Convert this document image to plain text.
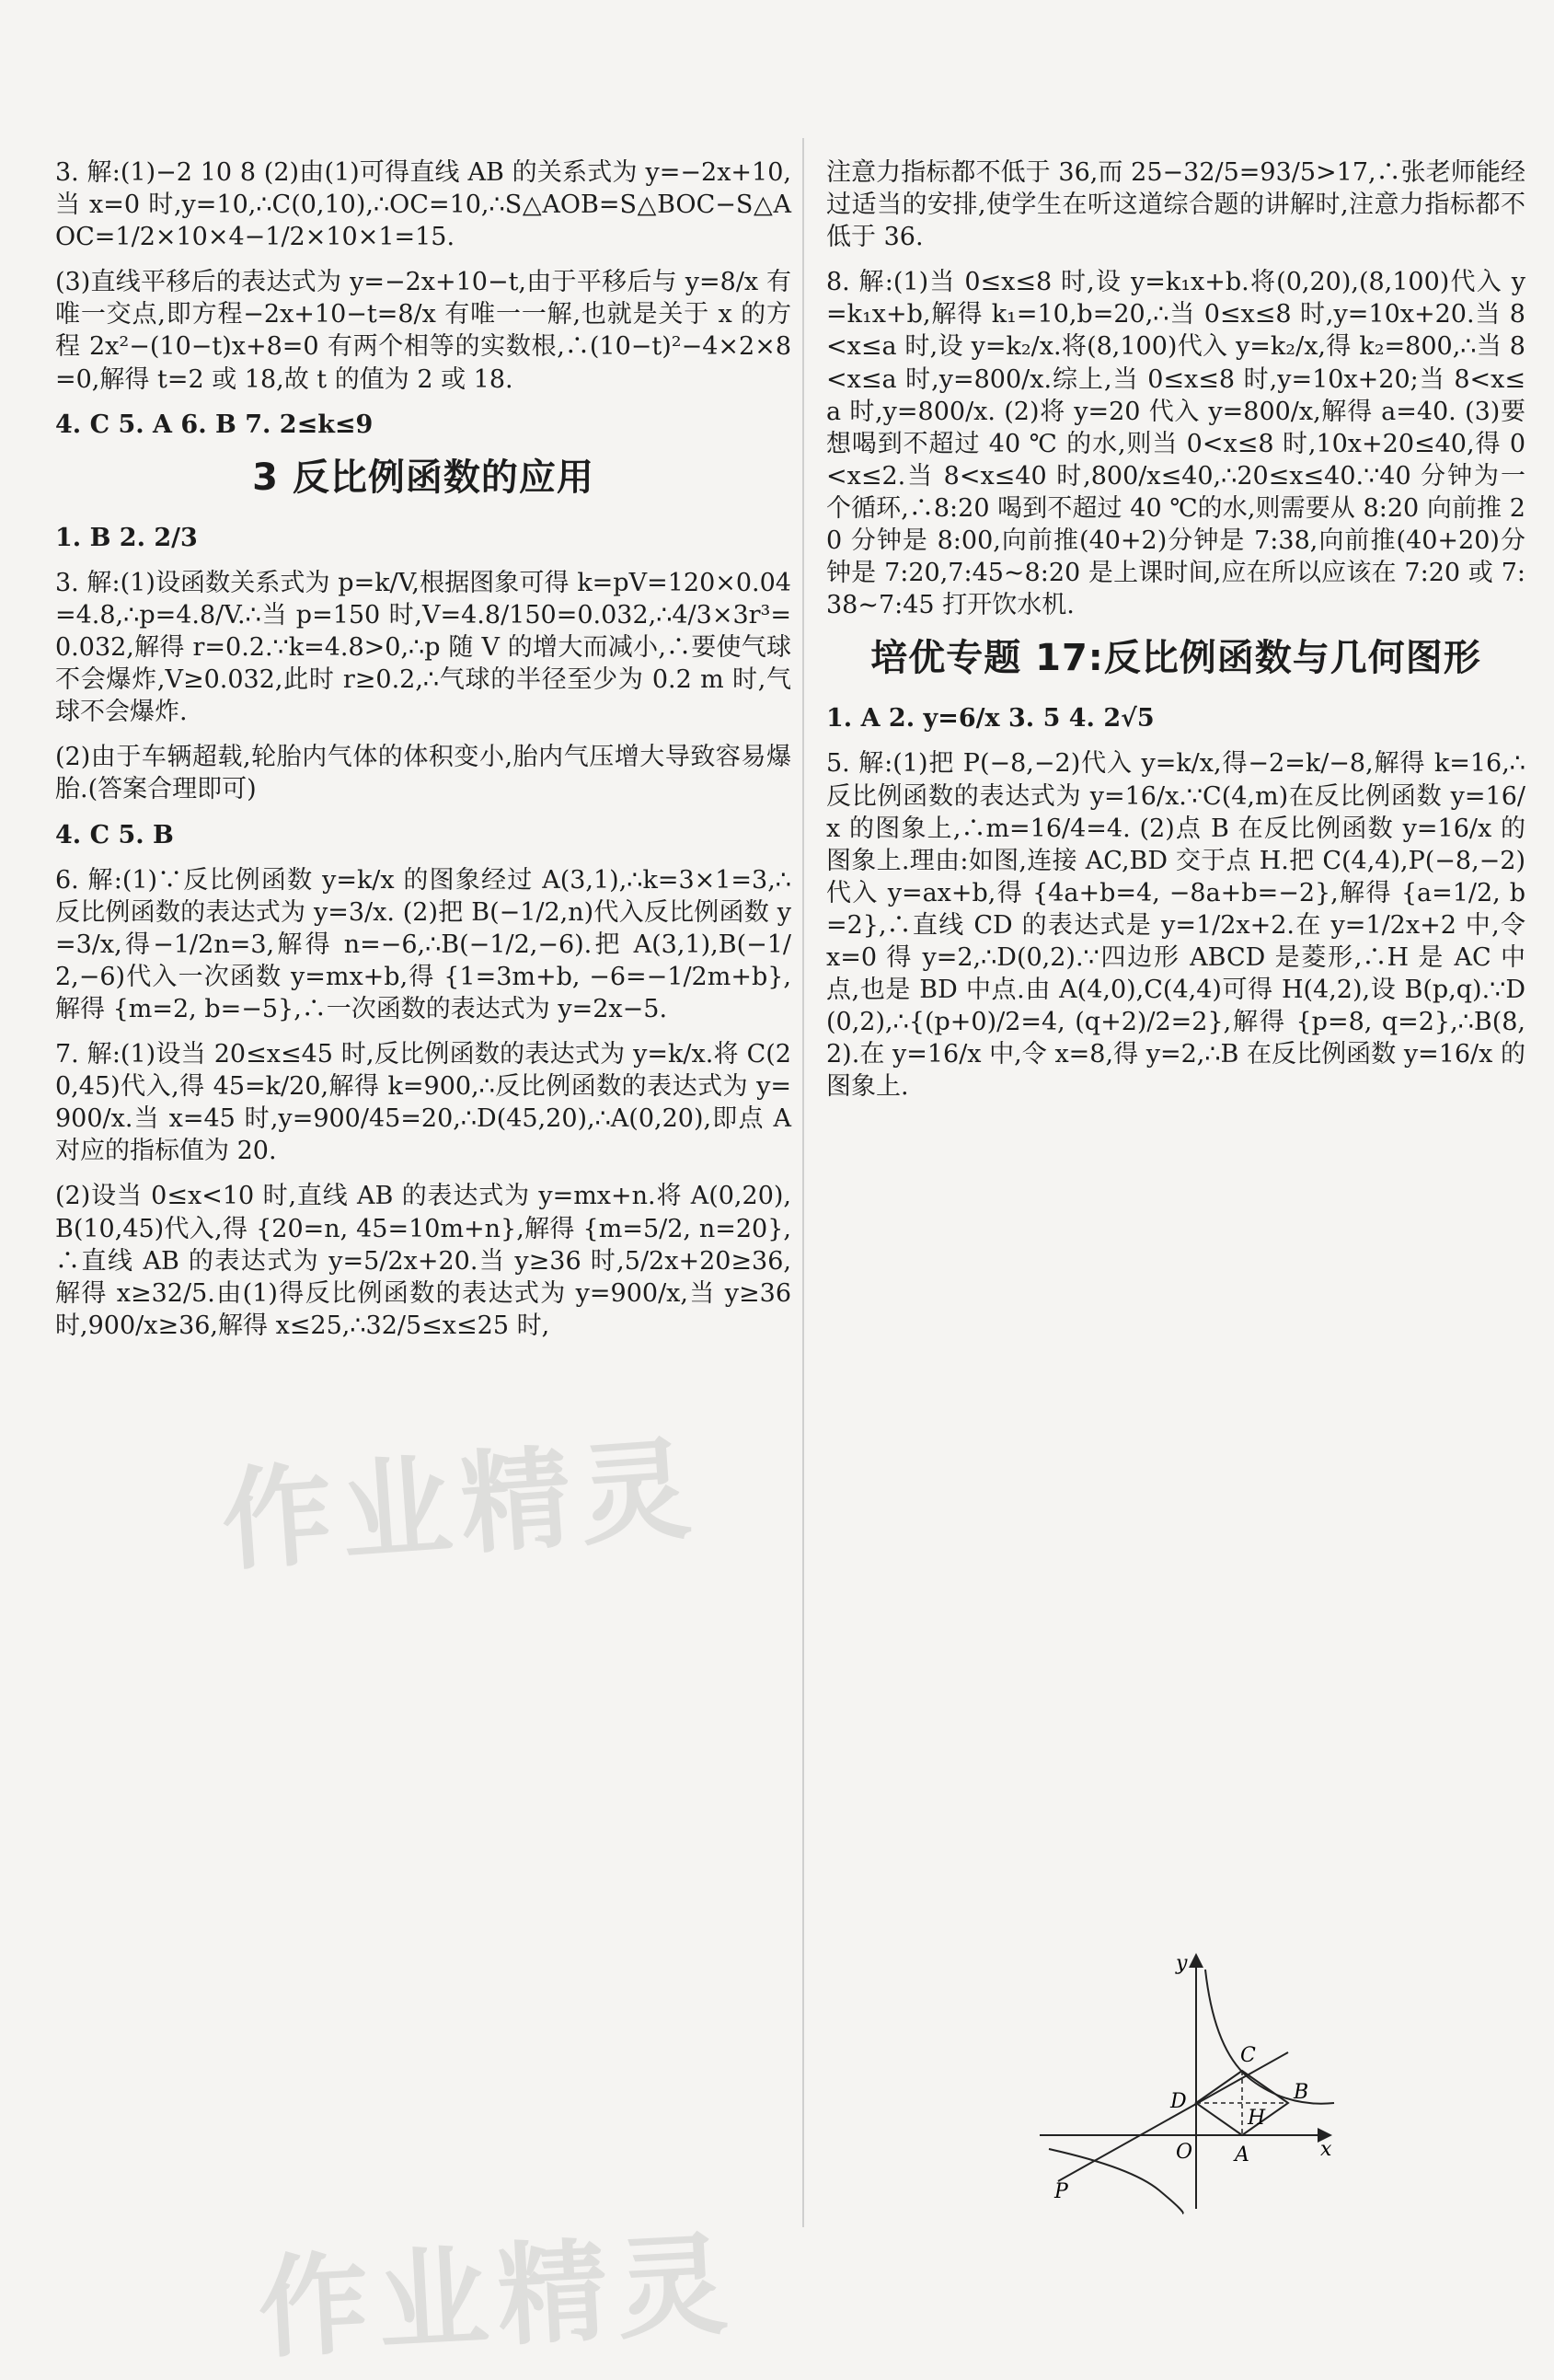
3. 解:(1)−2 10 8 (2)由(1)可得直线 AB 的关系式为 y=−2x+10,当 x=0 时,y=10,∴C(0,10),∴OC=10,∴S△AOB=S△BOC−S△AOC=1/2×10×4−1/2×10×1=15.

(3)直线平移后的表达式为 y=−2x+10−t,由于平移后与 y=8/x 有唯一交点,即方程−2x+10−t=8/x 有唯一一解,也就是关于 x 的方程 2x²−(10−t)x+8=0 有两个相等的实数根,∴(10−t)²−4×2×8=0,解得 t=2 或 18,故 t 的值为 2 或 18.

4. C 5. A 6. B 7. 2≤k≤9

3 反比例函数的应用

1. B 2. 2/3

3. 解:(1)设函数关系式为 p=k/V,根据图象可得 k=pV=120×0.04=4.8,∴p=4.8/V.∴当 p=150 时,V=4.8/150=0.032,∴4/3×3r³=0.032,解得 r=0.2.∵k=4.8>0,∴p 随 V 的增大而减小,∴要使气球不会爆炸,V≥0.032,此时 r≥0.2,∴气球的半径至少为 0.2 m 时,气球不会爆炸.

(2)由于车辆超载,轮胎内气体的体积变小,胎内气压增大导致容易爆胎.(答案合理即可)

4. C 5. B

6. 解:(1)∵反比例函数 y=k/x 的图象经过 A(3,1),∴k=3×1=3,∴反比例函数的表达式为 y=3/x. (2)把 B(−1/2,n)代入反比例函数 y=3/x,得−1/2n=3,解得 n=−6,∴B(−1/2,−6).把 A(3,1),B(−1/2,−6)代入一次函数 y=mx+b,得 {1=3m+b, −6=−1/2m+b},解得 {m=2, b=−5},∴一次函数的表达式为 y=2x−5.

7. 解:(1)设当 20≤x≤45 时,反比例函数的表达式为 y=k/x.将 C(20,45)代入,得 45=k/20,解得 k=900,∴反比例函数的表达式为 y=900/x.当 x=45 时,y=900/45=20,∴D(45,20),∴A(0,20),即点 A 对应的指标值为 20.

(2)设当 0≤x<10 时,直线 AB 的表达式为 y=mx+n.将 A(0,20),B(10,45)代入,得 {20=n, 45=10m+n},解得 {m=5/2, n=20},∴直线 AB 的表达式为 y=5/2x+20.当 y≥36 时,5/2x+20≥36,解得 x≥32/5.由(1)得反比例函数的表达式为 y=900/x,当 y≥36 时,900/x≥36,解得 x≤25,∴32/5≤x≤25 时,

注意力指标都不低于 36,而 25−32/5=93/5>17,∴张老师能经过适当的安排,使学生在听这道综合题的讲解时,注意力指标都不低于 36.

8. 解:(1)当 0≤x≤8 时,设 y=k₁x+b.将(0,20),(8,100)代入 y=k₁x+b,解得 k₁=10,b=20,∴当 0≤x≤8 时,y=10x+20.当 8<x≤a 时,设 y=k₂/x.将(8,100)代入 y=k₂/x,得 k₂=800,∴当 8<x≤a 时,y=800/x.综上,当 0≤x≤8 时,y=10x+20;当 8<x≤a 时,y=800/x. (2)将 y=20 代入 y=800/x,解得 a=40. (3)要想喝到不超过 40 ℃ 的水,则当 0<x≤8 时,10x+20≤40,得 0<x≤2.当 8<x≤40 时,800/x≤40,∴20≤x≤40.∵40 分钟为一个循环,∴8:20 喝到不超过 40 ℃的水,则需要从 8:20 向前推 20 分钟是 8:00,向前推(40+2)分钟是 7:38,向前推(40+20)分钟是 7:20,7:45~8:20 是上课时间,应在所以应该在 7:20 或 7:38~7:45 打开饮水机.

培优专题 17:反比例函数与几何图形

1. A 2. y=6/x 3. 5 4. 2√5

5. 解:(1)把 P(−8,−2)代入 y=k/x,得−2=k/−8,解得 k=16,∴反比例函数的表达式为 y=16/x.∵C(4,m)在反比例函数 y=16/x 的图象上,∴m=16/4=4. (2)点 B 在反比例函数 y=16/x 的图象上.理由:如图,连接 AC,BD 交于点 H.把 C(4,4),P(−8,−2)代入 y=ax+b,得 {4a+b=4, −8a+b=−2},解得 {a=1/2, b=2},∴直线 CD 的表达式是 y=1/2x+2.在 y=1/2x+2 中,令 x=0 得 y=2,∴D(0,2).∵四边形 ABCD 是菱形,∴H 是 AC 中点,也是 BD 中点.由 A(4,0),C(4,4)可得 H(4,2),设 B(p,q).∵D(0,2),∴{(p+0)/2=4, (q+2)/2=2},解得 {p=8, q=2},∴B(8,2).在 y=16/x 中,令 x=8,得 y=2,∴B 在反比例函数 y=16/x 的图象上.

y
x
O A
B
C
D
H
P
作业精灵
作业精灵
